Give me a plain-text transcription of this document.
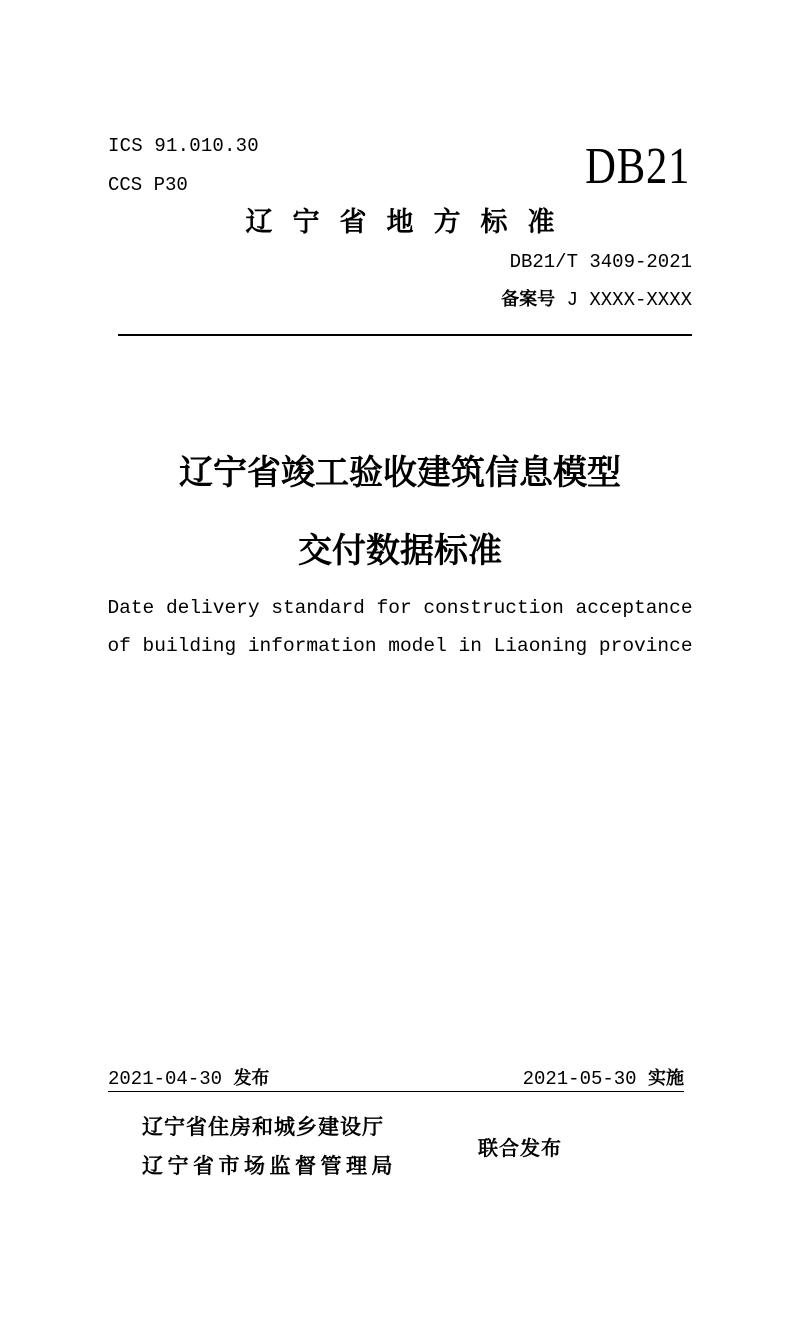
ICS 91.010.30
CCS P30	DB21
辽宁省地方标准
DB21/T 3409-2021
备案号 J XXXX-XXXX
辽宁省竣工验收建筑信息模型
交付数据标准
Date delivery standard for construction acceptance
of building information model in Liaoning province
2021-04-30 发布	2021-05-30 实施
辽宁省住房和城乡建设厅
辽宁省市场监督管理局
联合发布
